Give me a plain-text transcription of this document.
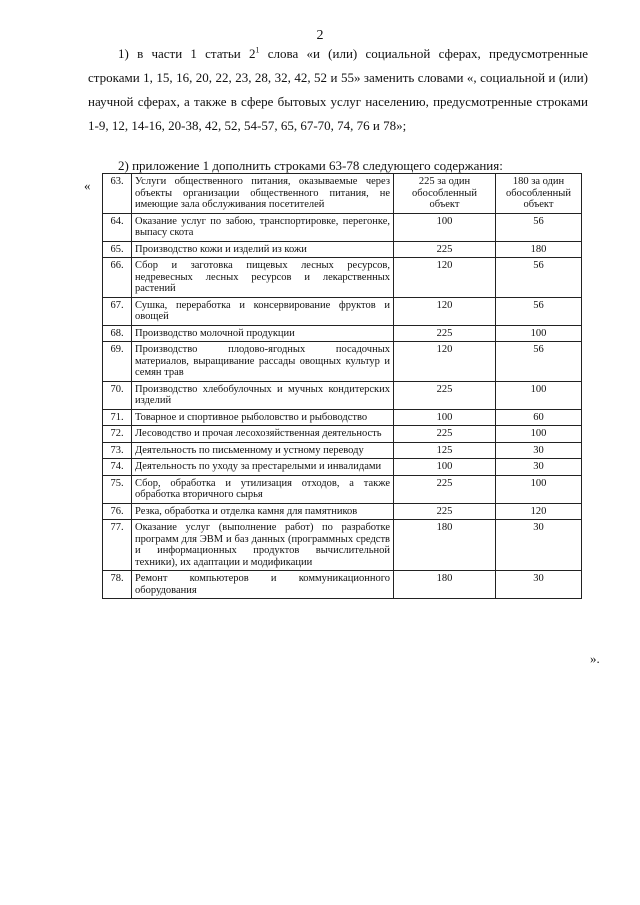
2

1) в части 1 статьи $2^1$ слова «и (или) социальной сферах, предусмотренные строками 1, 15, 16, 20, 22, 23, 28, 32, 42, 52 и 55» заменить словами «, социальной и (или) научной сферах, а также в сфере бытовых услуг населению, предусмотренные строками 1-9, 12, 14-16, 20-38, 42, 52, 54-57, 65, 67-70, 74, 76 и 78»;

2) приложение 1 дополнить строками 63-78 следующего содержания:

« 63.	Услуги общественного питания, оказываемые через объекты организации общественного питания, не имеющие зала обслуживания посетителей	225 за один обособленный объект	180 за один обособленный объект
64.	Оказание услуг по забою, транспортировке, перегонке, выпасу скота	100	56
65.	Производство кожи и изделий из кожи	225	180
66.	Сбор и заготовка пищевых лесных ресурсов, недревесных лесных ресурсов и лекарственных растений	120	56
67.	Сушка, переработка и консервирование фруктов и овощей	120	56
68.	Производство молочной продукции	225	100
69.	Производство плодово-ягодных посадочных материалов, выращивание рассады овощных культур и семян трав	120	56
70.	Производство хлебобулочных и мучных кондитерских изделий	225	100
71.	Товарное и спортивное рыболовство и рыбоводство	100	60
72.	Лесоводство и прочая лесохозяйственная деятельность	225	100
73.	Деятельность по письменному и устному переводу	125	30
74.	Деятельность по уходу за престарелыми и инвалидами	100	30
75.	Сбор, обработка и утилизация отходов, а также обработка вторичного сырья	225	100
76.	Резка, обработка и отделка камня для памятников	225	120
77.	Оказание услуг (выполнение работ) по разработке программ для ЭВМ и баз данных (программных средств и информационных продуктов вычислительной техники), их адаптации и модификации	180	30
78.	Ремонт компьютеров и коммуникационного оборудования	180	30
».
